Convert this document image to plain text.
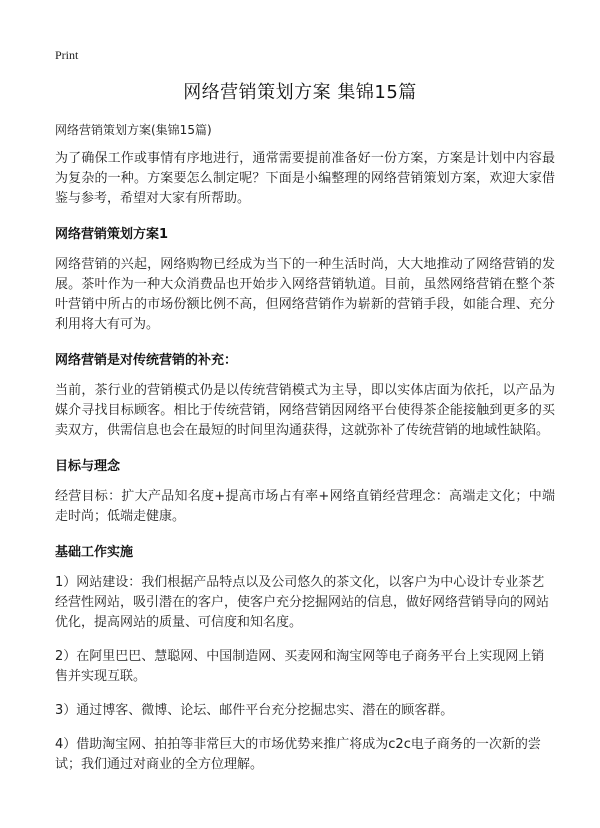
Print
网络营销策划方案 集锦15篇
网络营销策划方案(集锦15篇)

为了确保工作或事情有序地进行，通常需要提前准备好一份方案，方案是计划中内容最为复杂的一种。方案要怎么制定呢？下面是小编整理的网络营销策划方案，欢迎大家借鉴与参考，希望对大家有所帮助。

网络营销策划方案1

网络营销的兴起，网络购物已经成为当下的一种生活时尚，大大地推动了网络营销的发展。茶叶作为一种大众消费品也开始步入网络营销轨道。目前，虽然网络营销在整个茶叶营销中所占的市场份额比例不高，但网络营销作为崭新的营销手段，如能合理、充分利用将大有可为。

网络营销是对传统营销的补充：

当前，茶行业的营销模式仍是以传统营销模式为主导，即以实体店面为依托，以产品为媒介寻找目标顾客。相比于传统营销，网络营销因网络平台使得茶企能接触到更多的买卖双方，供需信息也会在最短的时间里沟通获得，这就弥补了传统营销的地域性缺陷。

目标与理念

经营目标：扩大产品知名度+提高市场占有率+网络直销经营理念：高端走文化；中端走时尚；低端走健康。

基础工作实施

1）网站建设：我们根据产品特点以及公司悠久的茶文化，以客户为中心设计专业茶艺经营性网站，吸引潜在的客户，使客户充分挖掘网站的信息，做好网络营销导向的网站优化，提高网站的质量、可信度和知名度。

2）在阿里巴巴、慧聪网、中国制造网、买麦网和淘宝网等电子商务平台上实现网上销售并实现互联。

3）通过博客、微博、论坛、邮件平台充分挖掘忠实、潜在的顾客群。

4）借助淘宝网、拍拍等非常巨大的市场优势来推广将成为c2c电子商务的一次新的尝试；我们通过对商业的全方位理解。
